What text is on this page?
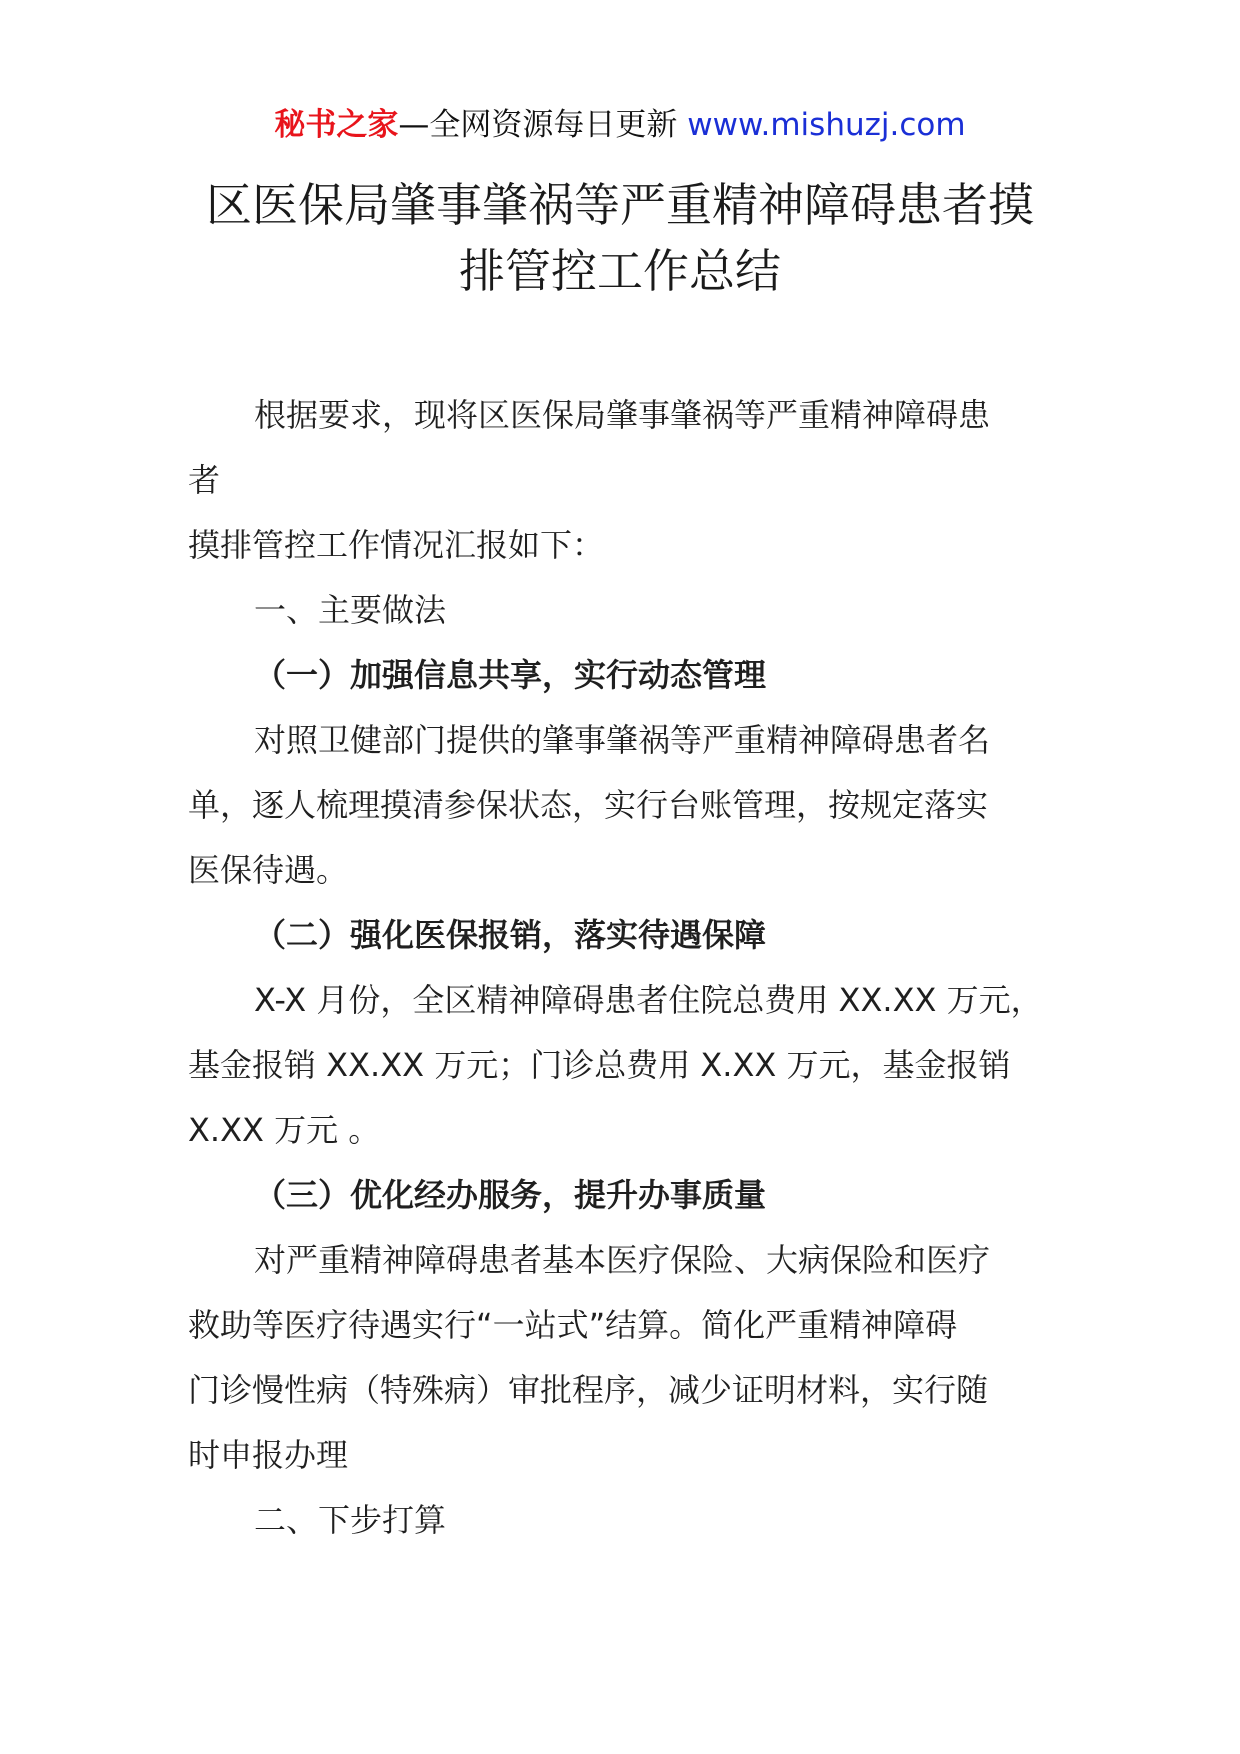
秘书之家—全网资源每日更新 www.mishuzj.com
区医保局肇事肇祸等严重精神障碍患者摸
排管控工作总结
根据要求，现将区医保局肇事肇祸等严重精神障碍患
者
摸排管控工作情况汇报如下：
一、主要做法
（一）加强信息共享，实行动态管理
对照卫健部门提供的肇事肇祸等严重精神障碍患者名
单，逐人梳理摸清参保状态，实行台账管理，按规定落实
医保待遇。
（二）强化医保报销，落实待遇保障
X-X 月份，全区精神障碍患者住院总费用 XX.XX 万元，
基金报销 XX.XX 万元；门诊总费用 X.XX 万元，基金报销
X.XX 万元 。
（三）优化经办服务，提升办事质量
对严重精神障碍患者基本医疗保险、大病保险和医疗
救助等医疗待遇实行“一站式”结算。简化严重精神障碍
门诊慢性病（特殊病）审批程序，减少证明材料，实行随
时申报办理
二、下步打算
